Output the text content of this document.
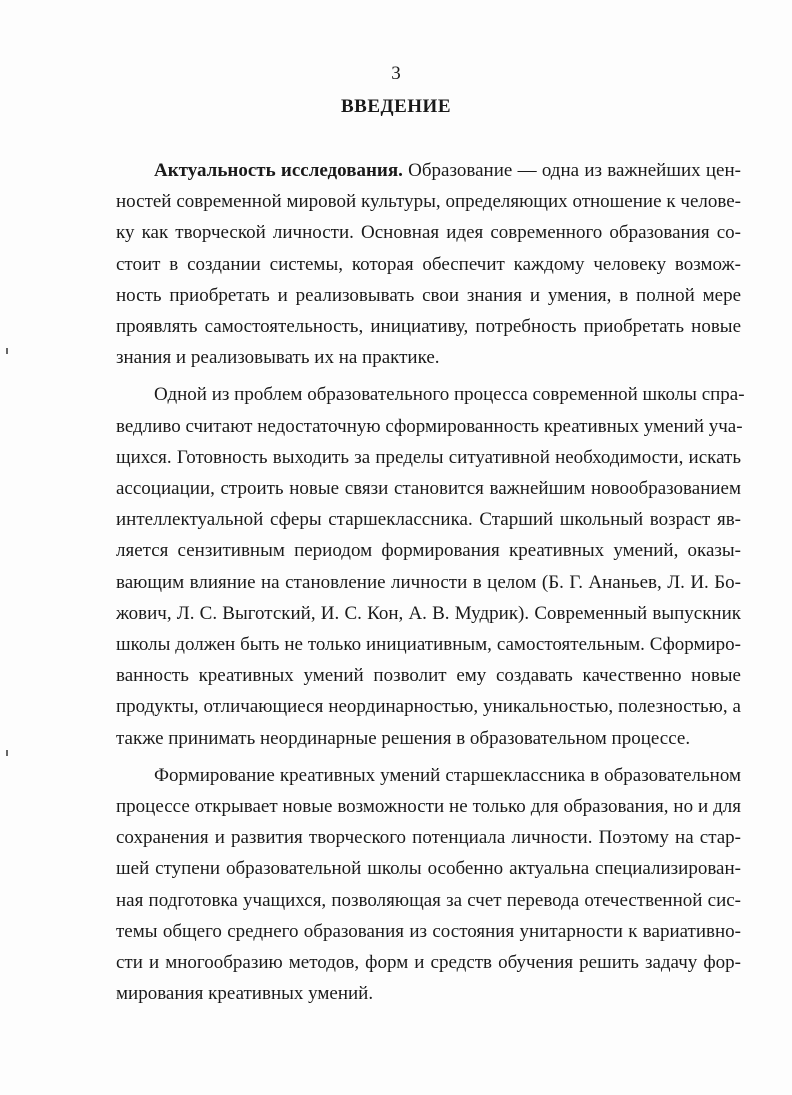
3
ВВЕДЕНИЕ
Актуальность исследования. Образование — одна из важнейших цен-
ностей современной мировой культуры, определяющих отношение к челове-
ку как творческой личности. Основная идея современного образования со-
стоит в создании системы, которая обеспечит каждому человеку возмож-
ность приобретать и реализовывать свои знания и умения, в полной мере
проявлять самостоятельность, инициативу, потребность приобретать новые
знания и реализовывать их на практике.
Одной из проблем образовательного процесса современной школы спра-
ведливо считают недостаточную сформированность креативных умений уча-
щихся. Готовность выходить за пределы ситуативной необходимости, искать
ассоциации, строить новые связи становится важнейшим новообразованием
интеллектуальной сферы старшеклассника. Старший школьный возраст яв-
ляется сензитивным периодом формирования креативных умений, оказы-
вающим влияние на становление личности в целом (Б. Г. Ананьев, Л. И. Бо-
жович, Л. С. Выготский, И. С. Кон, А. В. Мудрик). Современный выпускник
школы должен быть не только инициативным, самостоятельным. Сформиро-
ванность креативных умений позволит ему создавать качественно новые
продукты, отличающиеся неординарностью, уникальностью, полезностью, а
также принимать неординарные решения в образовательном процессе.
Формирование креативных умений старшеклассника в образовательном
процессе открывает новые возможности не только для образования, но и для
сохранения и развития творческого потенциала личности. Поэтому на стар-
шей ступени образовательной школы особенно актуальна специализирован-
ная подготовка учащихся, позволяющая за счет перевода отечественной сис-
темы общего среднего образования из состояния унитарности к вариативно-
сти и многообразию методов, форм и средств обучения решить задачу фор-
мирования креативных умений.
